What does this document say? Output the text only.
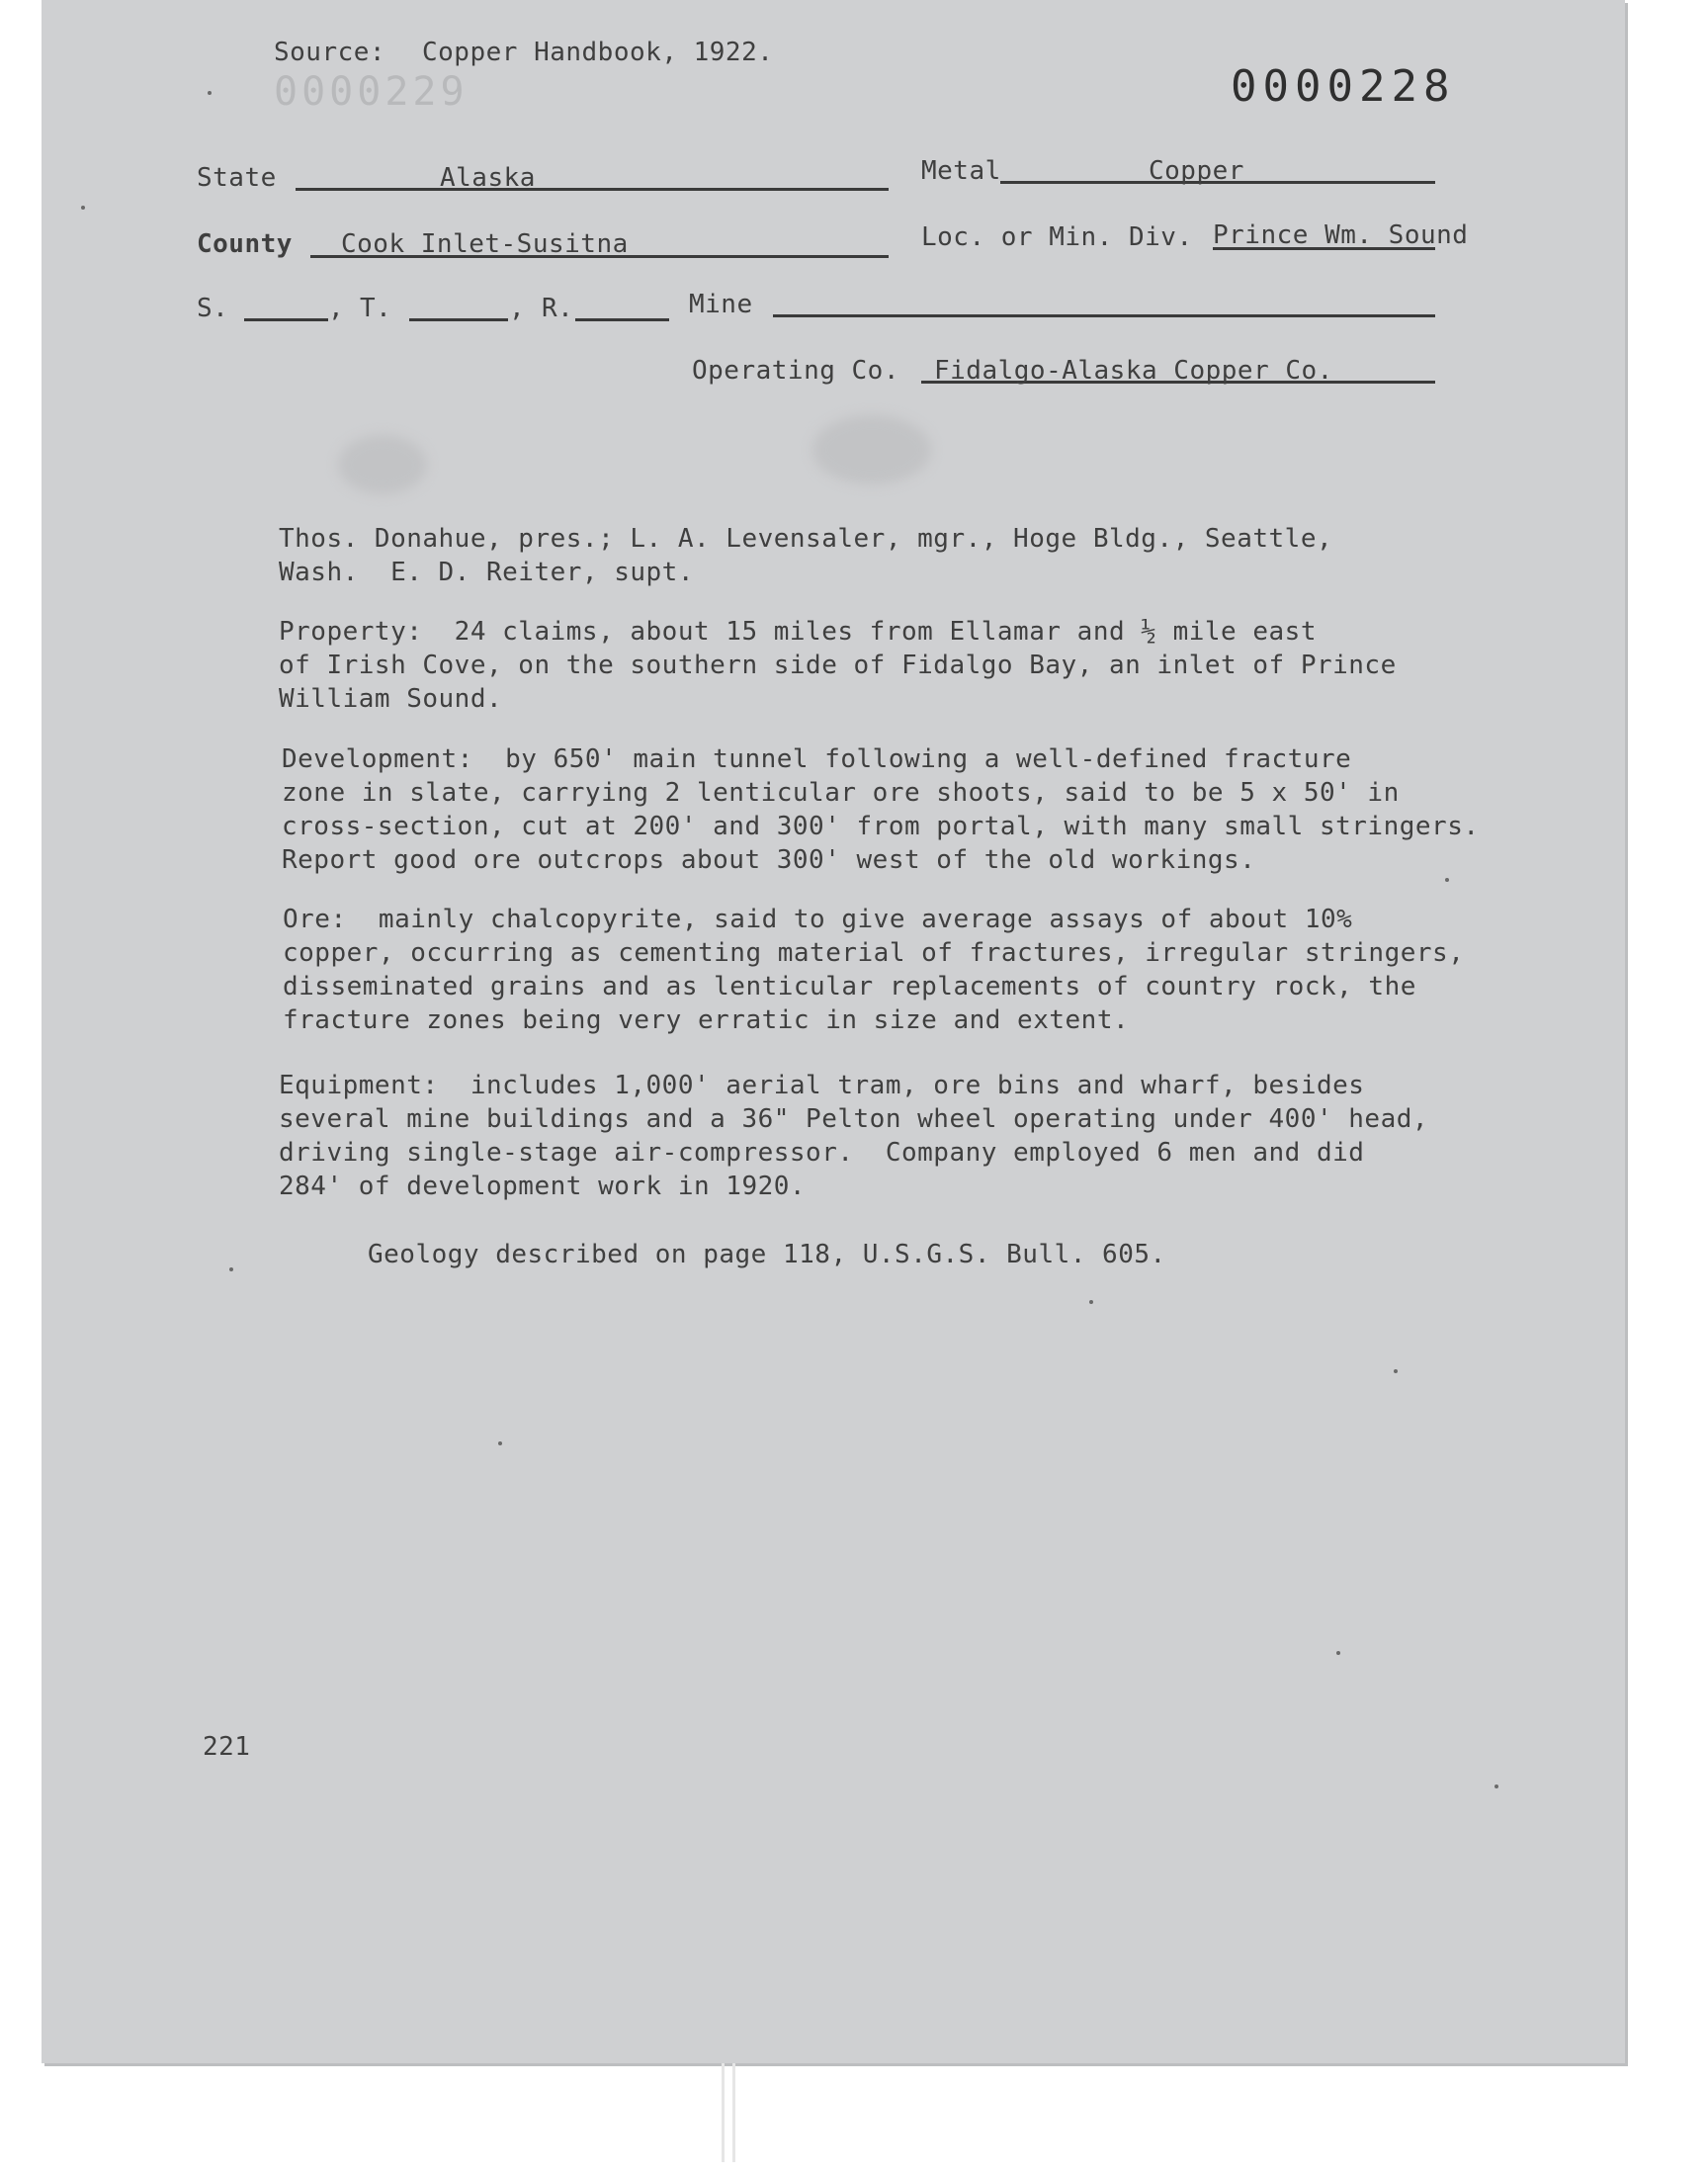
Source: Copper Handbook, 1922.
0000229	0000228
State	Alaska	Metal	Copper
County Cook Inlet-Susitna	Loc. or Min. Div. Prince Wm. Sound
S.	, T.	, R.	Mine
Operating Co. Fidalgo-Alaska Copper Co.
Thos. Donahue, pres.; L. A. Levensaler, mgr., Hoge Bldg., Seattle,
Wash.  E. D. Reiter, supt.
Property:  24 claims, about 15 miles from Ellamar and ½ mile east
of Irish Cove, on the southern side of Fidalgo Bay, an inlet of Prince
William Sound.
Development:  by 650' main tunnel following a well-defined fracture
zone in slate, carrying 2 lenticular ore shoots, said to be 5 x 50' in
cross-section, cut at 200' and 300' from portal, with many small stringers.
Report good ore outcrops about 300' west of the old workings.
Ore:  mainly chalcopyrite, said to give average assays of about 10%
copper, occurring as cementing material of fractures, irregular stringers,
disseminated grains and as lenticular replacements of country rock, the
fracture zones being very erratic in size and extent.
Equipment:  includes 1,000' aerial tram, ore bins and wharf, besides
several mine buildings and a 36" Pelton wheel operating under 400' head,
driving single-stage air-compressor.  Company employed 6 men and did
284' of development work in 1920.
Geology described on page 118, U.S.G.S. Bull. 605.
221
